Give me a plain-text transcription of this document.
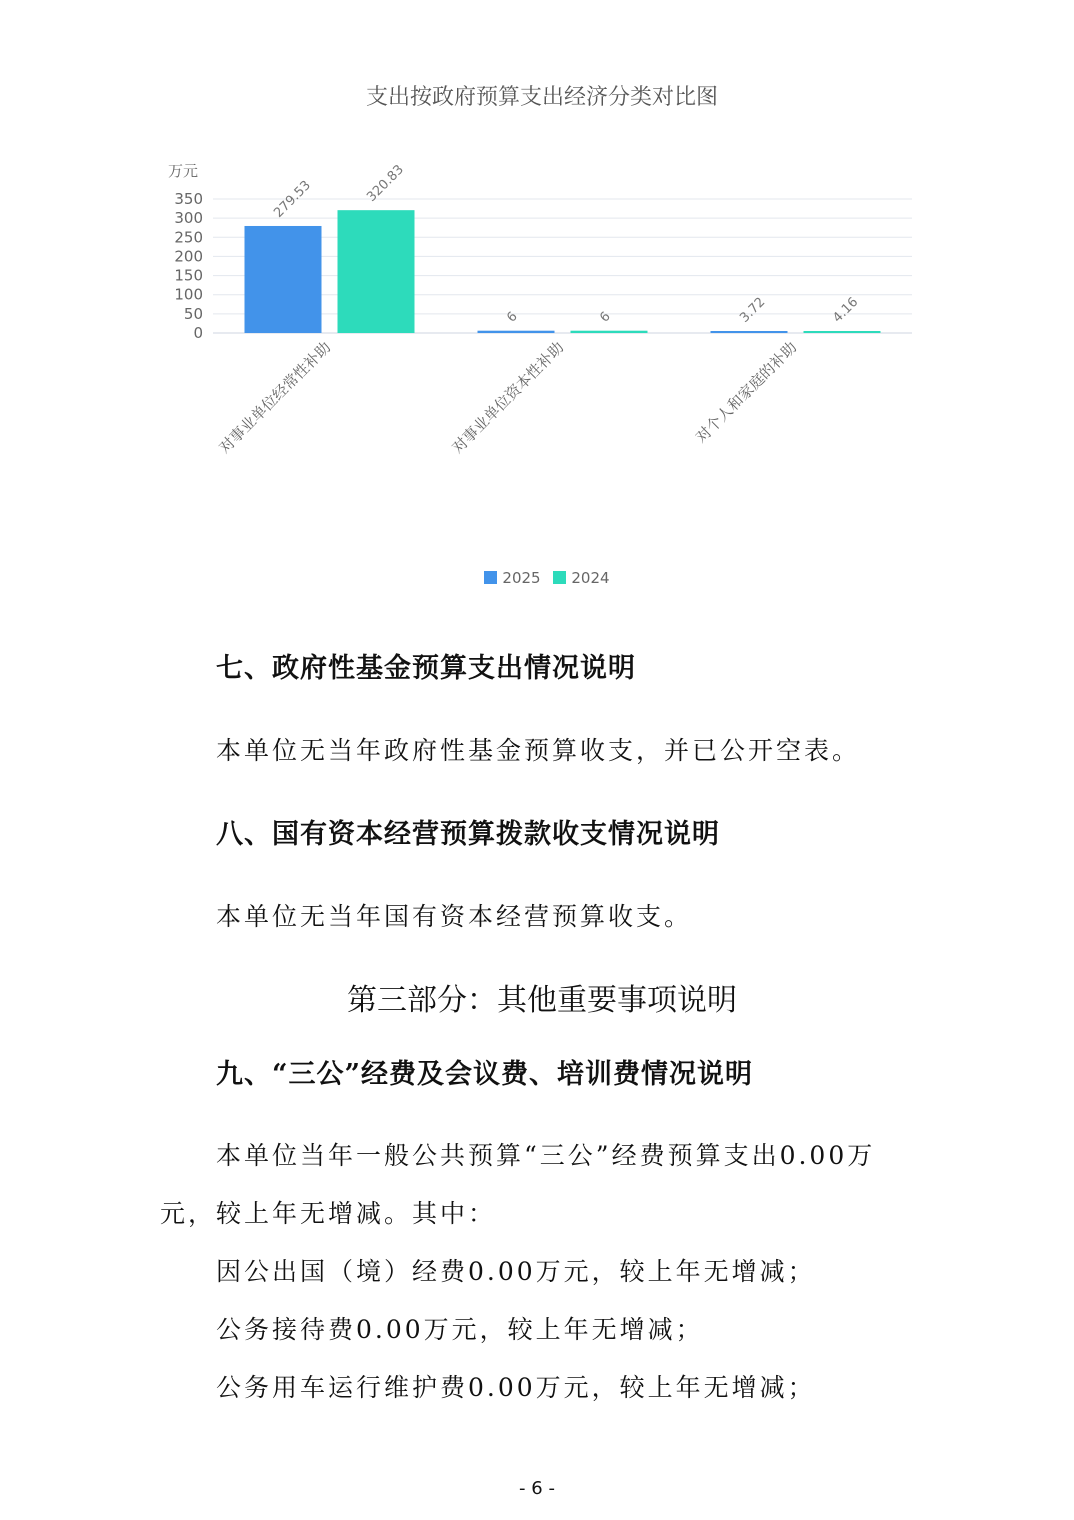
支出按政府预算支出经济分类对比图
万元
0
50
100
150
200
250
300
350	279.53	320.83
对事业单位经常性补助
6	6
对事业单位资本性补助
3.72	4.16
对个人和家庭的补助
2025 2024

七、政府性基金预算支出情况说明

本单位无当年政府性基金预算收支，并已公开空表。

八、国有资本经营预算拨款收支情况说明

本单位无当年国有资本经营预算收支。

第三部分：其他重要事项说明

九、“三公”经费及会议费、培训费情况说明

本单位当年一般公共预算“三公”经费预算支出0.00万

元，较上年无增减。其中：

因公出国（境）经费0.00万元，较上年无增减；

公务接待费0.00万元，较上年无增减；

公务用车运行维护费0.00万元，较上年无增减；

- 6 -
